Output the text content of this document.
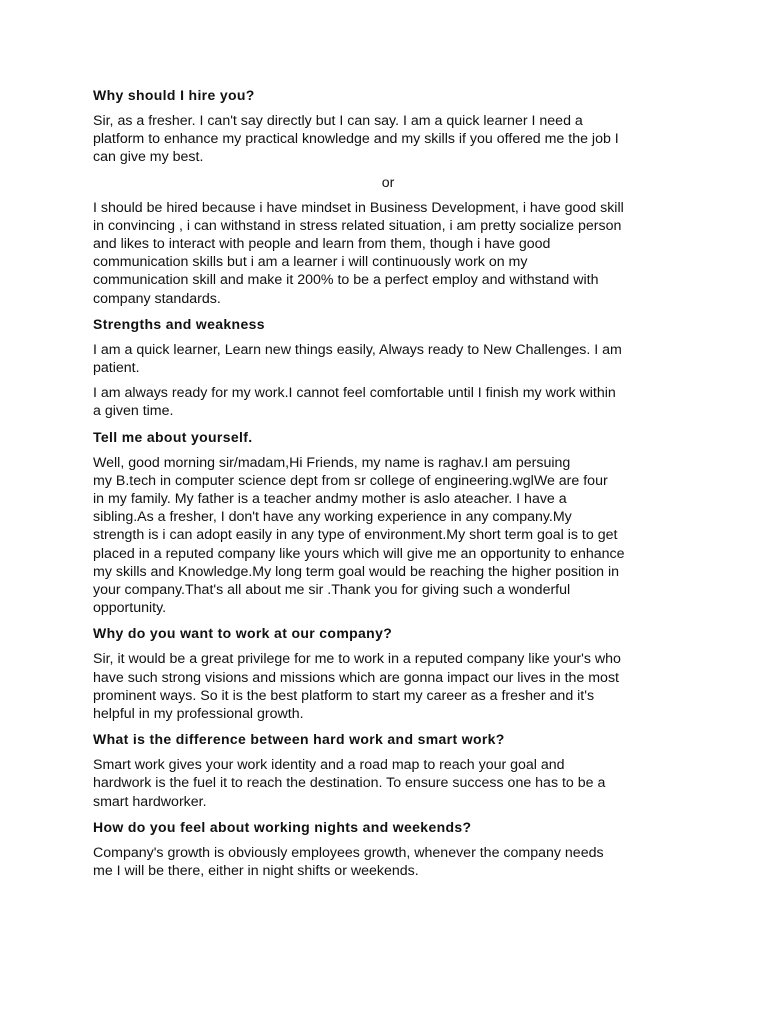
Why should I hire you?
Sir, as a fresher. I can't say directly but I can say. I am a quick learner I need a
platform to enhance my practical knowledge and my skills if you offered me the job I
can give my best.
or
I should be hired because i have mindset in Business Development, i have good skill
in convincing , i can withstand in stress related situation, i am pretty socialize person
and likes to interact with people and learn from them, though i have good
communication skills but i am a learner i will continuously work on my
communication skill and make it 200% to be a perfect employ and withstand with
company standards.
Strengths and weakness
I am a quick learner, Learn new things easily, Always ready to New Challenges. I am
patient.
I am always ready for my work.I cannot feel comfortable until I finish my work within
a given time.
Tell me about yourself.
Well, good morning sir/madam,Hi Friends, my name is raghav.I am persuing
my B.tech in computer science dept from sr college of engineering.wglWe are four
in my family. My father is a teacher andmy mother is aslo ateacher. I have a
sibling.As a fresher, I don't have any working experience in any company.My
strength is i can adopt easily in any type of environment.My short term goal is to get
placed in a reputed company like yours which will give me an opportunity to enhance
my skills and Knowledge.My long term goal would be reaching the higher position in
your company.That's all about me sir .Thank you for giving such a wonderful
opportunity.
Why do you want to work at our company?
Sir, it would be a great privilege for me to work in a reputed company like your's who
have such strong visions and missions which are gonna impact our lives in the most
prominent ways. So it is the best platform to start my career as a fresher and it's
helpful in my professional growth.
What is the difference between hard work and smart work?
Smart work gives your work identity and a road map to reach your goal and
hardwork is the fuel it to reach the destination. To ensure success one has to be a
smart hardworker.
How do you feel about working nights and weekends?
Company's growth is obviously employees growth, whenever the company needs
me I will be there, either in night shifts or weekends.
